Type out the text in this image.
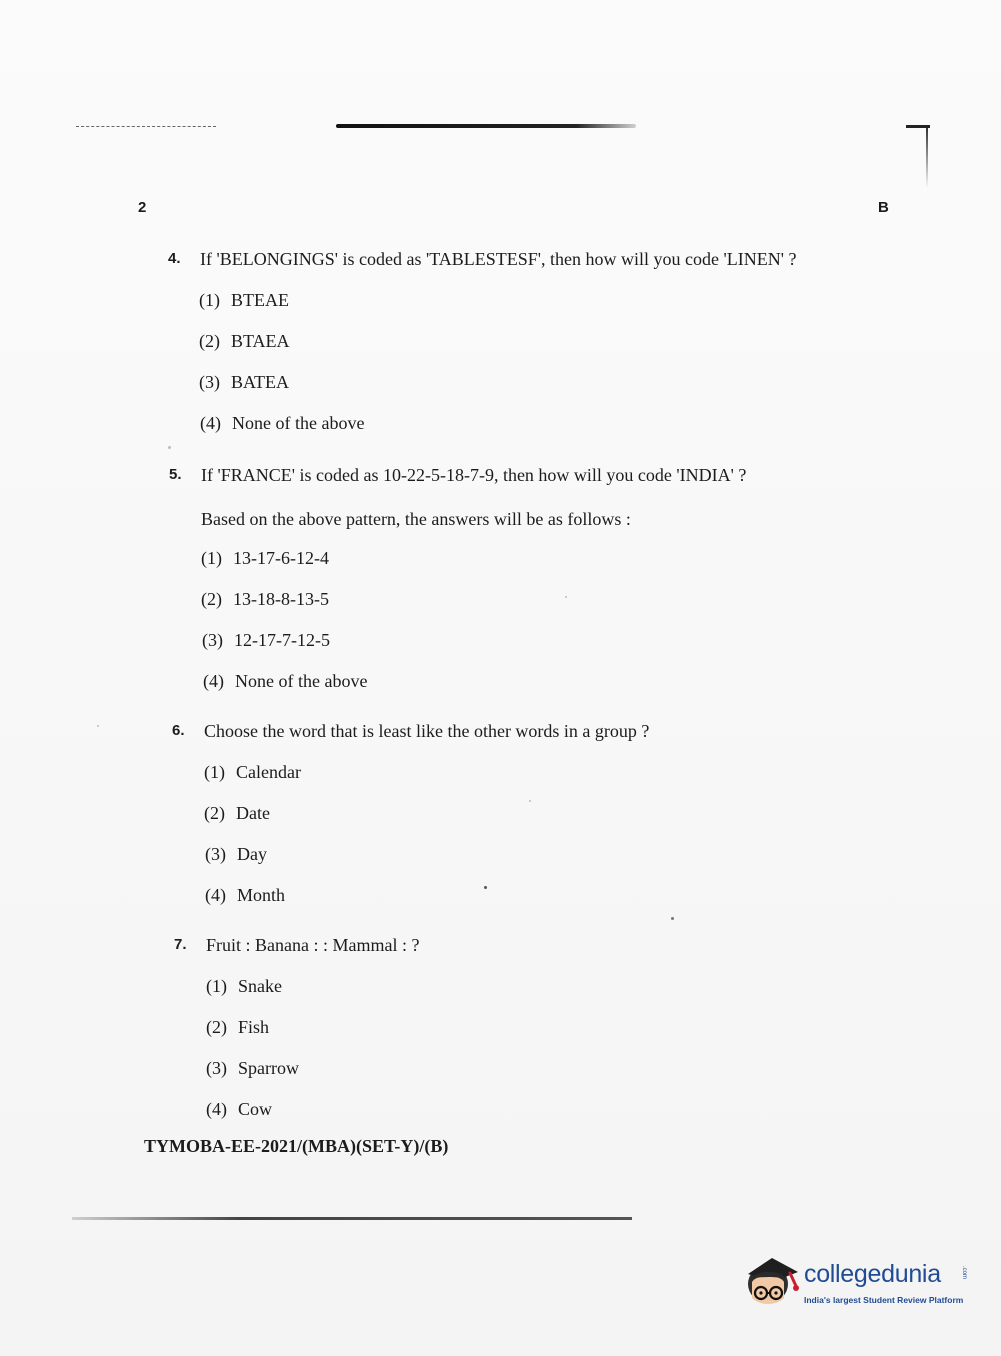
2	B
4. If 'BELONGINGS' is coded as 'TABLESTESF', then how will you code 'LINEN' ?
(1) BTEAE
(2) BTAEA
(3) BATEA
(4) None of the above
5. If 'FRANCE' is coded as 10-22-5-18-7-9, then how will you code 'INDIA' ?
Based on the above pattern, the answers will be as follows :
(1) 13-17-6-12-4
(2) 13-18-8-13-5
(3) 12-17-7-12-5
(4) None of the above
6. Choose the word that is least like the other words in a group ?
(1) Calendar
(2) Date
(3) Day
(4) Month
7. Fruit : Banana : : Mammal : ?
(1) Snake
(2) Fish
(3) Sparrow
(4) Cow
TYMOBA-EE-2021/(MBA)(SET-Y)/(B)
collegedunia	.com
India's largest Student Review Platform
